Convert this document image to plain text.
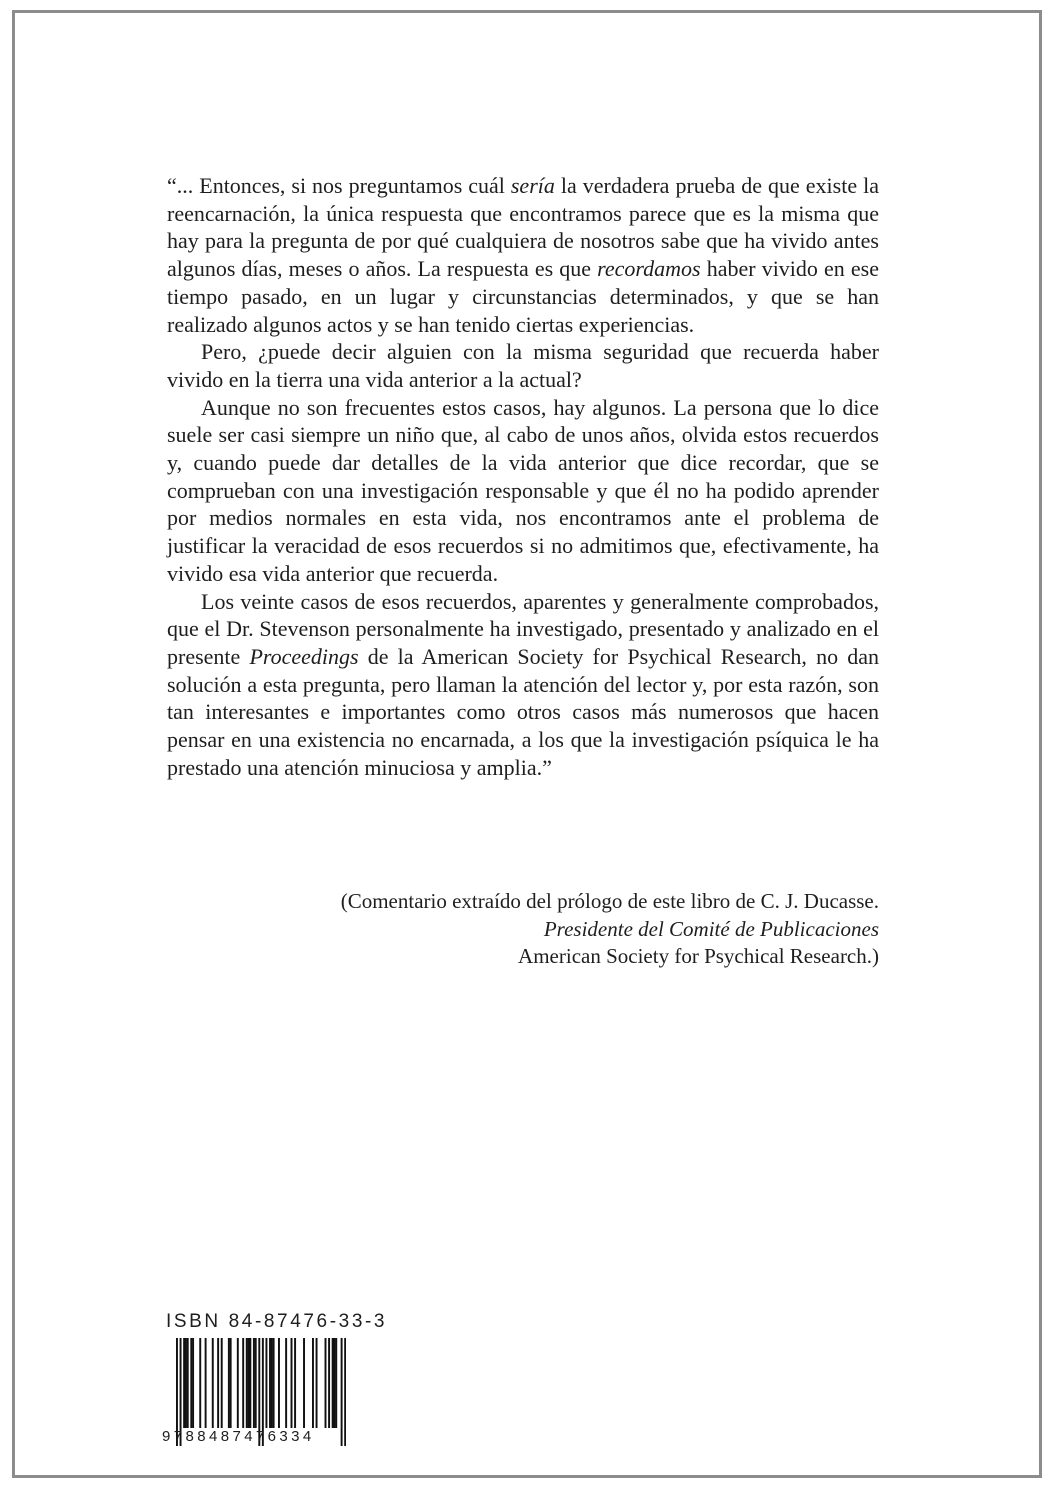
“... Entonces, si nos preguntamos cuál sería la verdadera prueba de que existe la reencarnación, la única respuesta que encontramos parece que es la misma que hay para la pregunta de por qué cualquiera de nosotros sabe que ha vivido antes algunos días, meses o años. La respuesta es que recordamos haber vivido en ese tiempo pasado, en un lugar y circunstancias determinados, y que se han realizado algunos actos y se han tenido ciertas experiencias.

Pero, ¿puede decir alguien con la misma seguridad que recuerda haber vivido en la tierra una vida anterior a la actual?

Aunque no son frecuentes estos casos, hay algunos. La persona que lo dice suele ser casi siempre un niño que, al cabo de unos años, olvida estos recuerdos y, cuando puede dar detalles de la vida anterior que dice recordar, que se comprueban con una investigación responsable y que él no ha podido aprender por medios normales en esta vida, nos encontramos ante el problema de justificar la veracidad de esos recuerdos si no admitimos que, efectivamente, ha vivido esa vida anterior que recuerda.

Los veinte casos de esos recuerdos, aparentes y generalmente comprobados, que el Dr. Stevenson personalmente ha investigado, presentado y analizado en el presente Proceedings de la American Society for Psychical Research, no dan solución a esta pregunta, pero llaman la atención del lector y, por esta razón, son tan interesantes e importantes como otros casos más numerosos que hacen pensar en una existencia no encarnada, a los que la investigación psíquica le ha prestado una atención minuciosa y amplia.”

(Comentario extraído del prólogo de este libro de C. J. Ducasse.
Presidente del Comité de Publicaciones
American Society for Psychical Research.)
ISBN 84-87476-33-3
9788487476334
